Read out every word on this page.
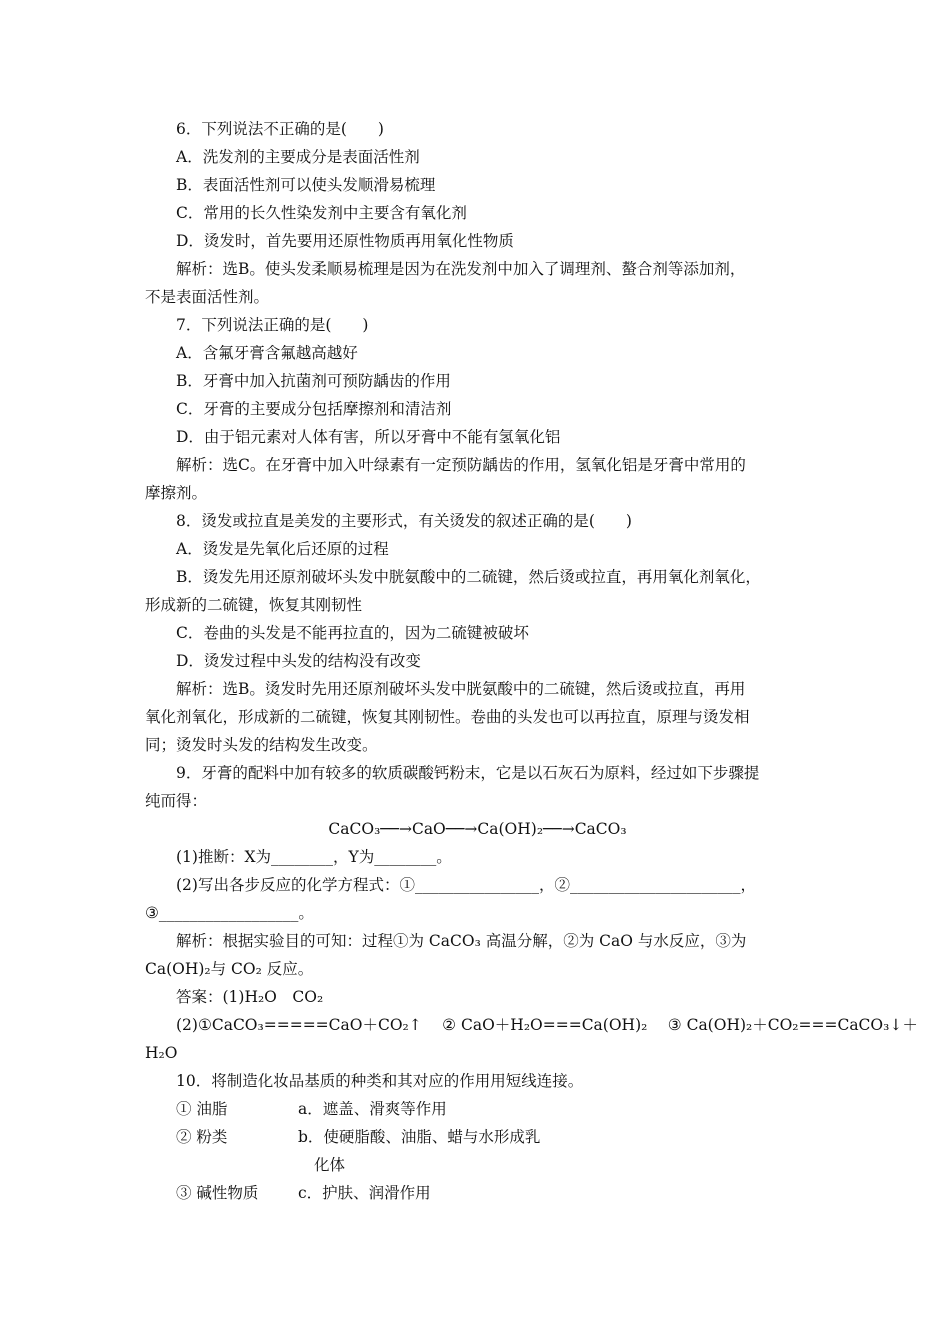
6．下列说法不正确的是(　　)

A．洗发剂的主要成分是表面活性剂

B．表面活性剂可以使头发顺滑易梳理

C．常用的长久性染发剂中主要含有氧化剂

D．烫发时，首先要用还原性物质再用氧化性物质

解析：选B。使头发柔顺易梳理是因为在洗发剂中加入了调理剂、螯合剂等添加剂，

不是表面活性剂。

7．下列说法正确的是(　　)

A．含氟牙膏含氟越高越好

B．牙膏中加入抗菌剂可预防龋齿的作用

C．牙膏的主要成分包括摩擦剂和清洁剂

D．由于铝元素对人体有害，所以牙膏中不能有氢氧化铝

解析：选C。在牙膏中加入叶绿素有一定预防龋齿的作用，氢氧化铝是牙膏中常用的

摩擦剂。

8．烫发或拉直是美发的主要形式，有关烫发的叙述正确的是(　　)

A．烫发是先氧化后还原的过程

B．烫发先用还原剂破坏头发中胱氨酸中的二硫键，然后烫或拉直，再用氧化剂氧化，

形成新的二硫键，恢复其刚韧性

C．卷曲的头发是不能再拉直的，因为二硫键被破坏

D．烫发过程中头发的结构没有改变

解析：选B。烫发时先用还原剂破坏头发中胱氨酸中的二硫键，然后烫或拉直，再用

氧化剂氧化，形成新的二硫键，恢复其刚韧性。卷曲的头发也可以再拉直，原理与烫发相

同；烫发时头发的结构发生改变。

9．牙膏的配料中加有较多的软质碳酸钙粉末，它是以石灰石为原料，经过如下步骤提

纯而得：

CaCO₃──→CaO──→Ca(OH)₂──→CaCO₃

(1)推断：X为________，Y为________。

(2)写出各步反应的化学方程式：①________________，②______________________，

③__________________。

解析：根据实验目的可知：过程①为 CaCO₃ 高温分解，②为 CaO 与水反应，③为

Ca(OH)₂与 CO₂ 反应。

答案：(1)H₂O　CO₂

(2)①CaCO₃=====CaO＋CO₂↑　 ② CaO＋H₂O===Ca(OH)₂　 ③ Ca(OH)₂＋CO₂===CaCO₃↓＋

H₂O

10．将制造化妆品基质的种类和其对应的作用用短线连接。

① 油脂	a．遮盖、滑爽等作用
② 粉类	b．使硬脂酸、油脂、蜡与水形成乳
化体
③ 碱性物质	c．护肤、润滑作用
